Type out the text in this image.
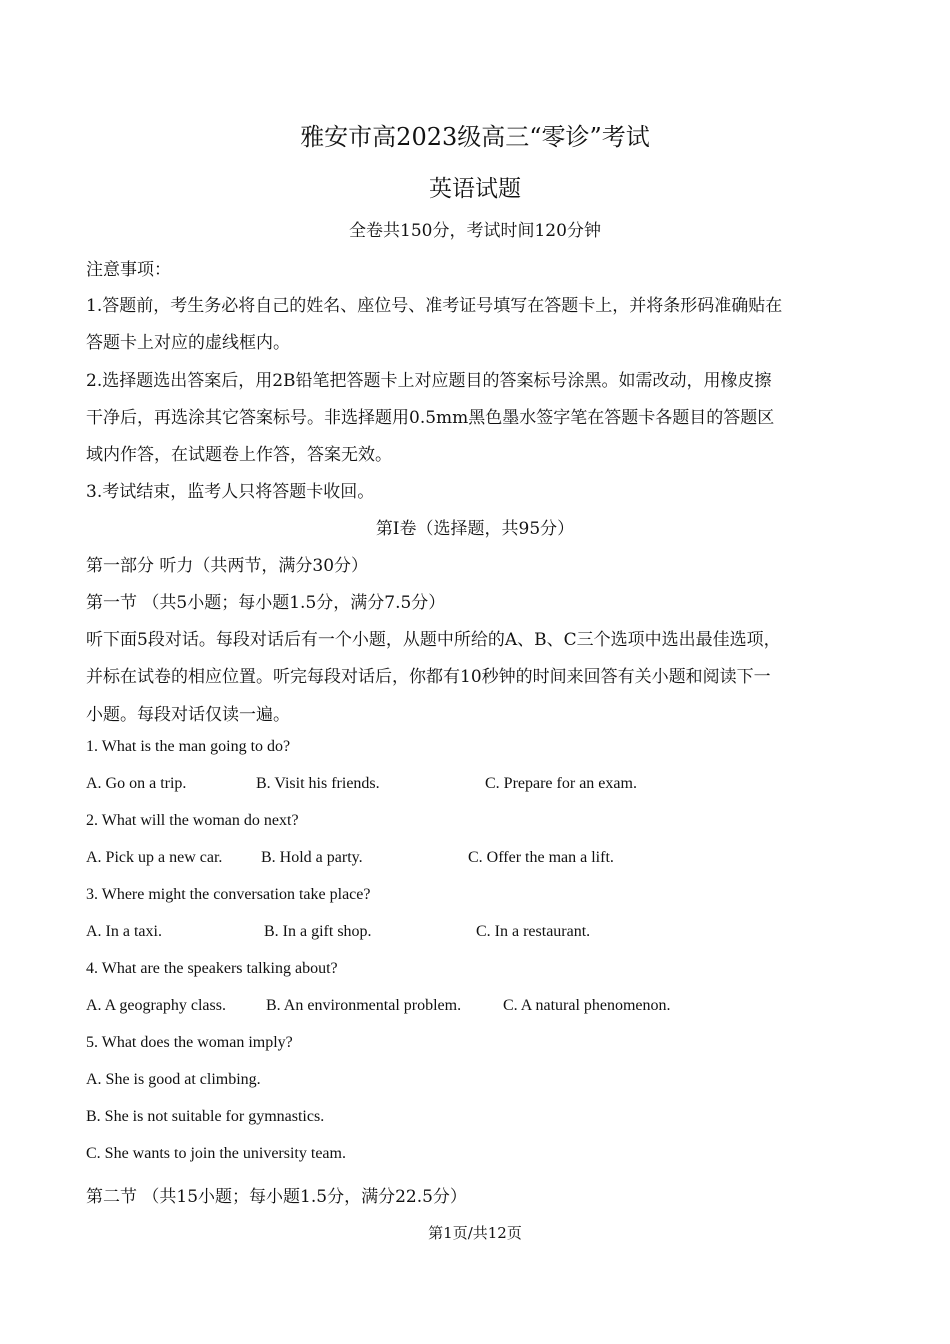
雅安市高2023级高三“零诊”考试
英语试题
全卷共150分，考试时间120分钟
注意事项：
1.答题前，考生务必将自己的姓名、座位号、准考证号填写在答题卡上，并将条形码准确贴在
答题卡上对应的虚线框内。
2.选择题选出答案后，用2B铅笔把答题卡上对应题目的答案标号涂黑。如需改动，用橡皮擦
干净后，再选涂其它答案标号。非选择题用0.5mm黑色墨水签字笔在答题卡各题目的答题区
域内作答，在试题卷上作答，答案无效。
3.考试结束，监考人只将答题卡收回。
第I卷（选择题，共95分）
第一部分 听力（共两节，满分30分）
第一节 （共5小题；每小题1.5分，满分7.5分）
听下面5段对话。每段对话后有一个小题，从题中所给的A、B、C三个选项中选出最佳选项，
并标在试卷的相应位置。听完每段对话后，你都有10秒钟的时间来回答有关小题和阅读下一
小题。每段对话仅读一遍。
1. What is the man going to do?
A. Go on a trip.	B. Visit his friends.	C. Prepare for an exam.
2. What will the woman do next?
A. Pick up a new car. B. Hold a party.	C. Offer the man a lift.
3. Where might the conversation take place?
A. In a taxi.	B. In a gift shop.	C. In a restaurant.
4. What are the speakers talking about?
A. A geography class.	B. An environmental problem.	C. A natural phenomenon.
5. What does the woman imply?
A. She is good at climbing.
B. She is not suitable for gymnastics.
C. She wants to join the university team.
第二节 （共15小题；每小题1.5分，满分22.5分）
第1页/共12页
